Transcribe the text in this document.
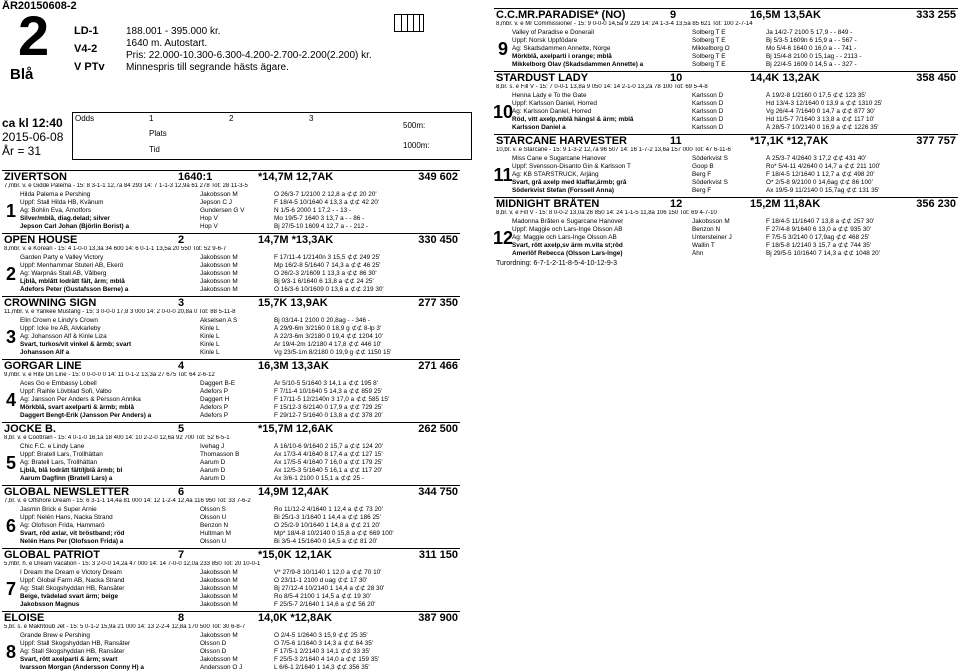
ÅR20150608-2
2
Blå
LD-1
V4-2
V PTv
188.001 - 395.000 kr.
1640 m. Autostart.
Pris: 22.000-10.300-6.300-4.200-2.700-2.200(2.200) kr.
Minnespris till segrande hästs ägare.
ca kl 12:40
2015-06-08
År = 31
Odds	1	2	3
Plats
Tid
500m:
1000m:
ZIVERTSON	1640:1	*14,7M 12,7AK	349 602
7,mbr. v. e Gidde Palema - 15: 8 3-1-1 12,7a 84 293 14: 7 1-1-3 12,9a 61 278 Tot: 28 11-3-5
1
Hilda Palema e Pershing	Jakobsson M	Ö 26/3-7 1/2100 2 12,8 a ⊄⊄ 20 20'
Uppf: Stall Hilda HB, Kvänum	Jepson C J	F 18/4-5 10/1640 4 13,3 a ⊄⊄ 42 20'
Äg: Bohlin Eva, Åmotfors	Gundersen G V	N 1/5-6 2000 1 17,2 - - 13 -
Silver/mblå, diag.delad; silver	Hop V	Mo 19/5-7 1640 3 13,7 a - - 86 -
Jepson Carl Johan (Björlin Borist) a	Hop V	Bj 27/5-10 1609 4 12,7 a - - 212 -
OPEN HOUSE	2	14,7M *13,3AK	330 450
8,mbr. v. e Korean - 15: 4 1-0-0 13,3a 34 600 14: 6 0-1-1 13,5a 20 550 Tot: 52 9-6-7
2
Garden Party e Valley Victory	Jakobsson M	F 17/11-4 1/2140n 3 15,5 ⊄⊄ 249 25'
Uppf: Menhammar Stuteri AB, Ekerö	Jakobsson M	Mp 16/2-8 5/1640 7 14,3 a ⊄⊄ 46 25'
Äg: Warpnäs Stall AB, Vålberg	Jakobsson M	Ö 26/2-3 2/1609 1 13,3 a ⊄⊄ 86 30'
Ljblå, mblått lodrätt fält, ärm; mblå	Jakobsson M	Bj 9/3-1 6/1640 6 13,8 a ⊄⊄ 24 25'
Ådefors Peter (Gustafsson Berne) a	Jakobsson M	Ö 16/3-6 10/1609 0 13,6 a ⊄⊄ 219 30'
CROWNING SIGN	3	15,7K 13,9AK	277 350
11,mbr. v. e Yankee Mustang - 15: 3 0-0-0 17,8 3 000 14: 2 0-0-0 20,8a 0 Tot: 88 5-11-8
3
Elin Crown e Lindy's Crown	Akselsen A S	Bj 03/14-1 2100 0 20,8ag - - 346 -
Uppf: Icke Ire AB, Alvkarleby	Kinle L	Å 29/9-6m 3/2160 0 18,9 g ⊄⊄ 8-lp 3'
Äg: Johansson Alf & Kinle Liza	Kinle L	Å 22/3-6m 3/2180 0 19,4 ⊄⊄ 1204 10'
Svart, turkos/vit vinkel & ärmb; svart	Kinle L	Är 19/4-2m 1/2180 4 17,8 ⊄⊄ 446 10'
Johansson Alf a	Kinle L	Vg 23/5-1m 8/2180 0 19,9 g ⊄⊄ 1150 15'
GORGAR LINE	4	16,3M 13,3AK	271 466
9,mbr. v. e Rite On Line - 15: 0 0-0-0 0 14: 11 0-1-2 13,3a 27 675 Tot: 64 2-6-12
4
Aces Go e Embassy Lobell	Daggert B-E	År 5/10-5 5/1640 3 14,1 a ⊄⊄ 195 8'
Uppf: Raihle Lövblad Sofi, Valbo	Ådefors P	F 7/11-4 10/1640 5 14,3 a ⊄⊄ 859 25'
Äg: Jansson Per Anders & Persson Annika	Daggert H	F 17/11-5 12/2140n 3 17,0 a ⊄⊄ 585 15'
Mörkblå, svart axelparti & ärmb; mblå	Ådefors P	F 15/12-3 6/2140 0 17,9 a ⊄⊄ 729 25'
Daggert Bengt-Erik (Jansson Per Anders) a	Ådefors P	F 29/12-7 5/1640 0 13,8 a ⊄⊄ 378 20'
JOCKE B.	5	*15,7M 12,6AK	262 500
8,br. v. e Coottrain - 15: 4 0-1-0 16,1a 18 400 14: 10 2-2-0 12,6a 92 700 Tot: 52 6-5-1
5
Chic F.C. e Lindy Lane	Ivehag J	Å 16/10-6 9/1640 2 15,7 a ⊄⊄ 124 20'
Uppf: Bratell Lars, Trollhättan	Thomasson B	Ax 17/3-4 4/1640 8 17,4 a ⊄⊄ 127 15'
Äg: Bratell Lars, Trollhättan	Aarum D	Ax 17/5-5 4/1640 7 16,0 a ⊄⊄ 179 25'
Ljblå, blå lodrätt fält/ljblå ärmb; bl	Aarum D	Ax 12/5-3 5/1640 5 16,1 a ⊄⊄ 117 20'
Aarum Dagfinn (Bratell Lars) a	Aarum D	Ax 3/6-1 2100 0 15,1 a ⊄⊄ 25 -
GLOBAL NEWSLETTER	6	14,9M 12,4AK	344 750
7,br. v. e Offshore Dream - 15: 6 3-1-1 14,4a 81 000 14: 12 1-2-4 12,4a 116 950 Tot: 33 7-6-2
6
Jasmin Brick e Super Arnie	Olsson S	Ro 11/12-2 4/1640 1 12,4 a ⊄⊄ 73 20'
Uppf: Nelén Hans, Nacka Strand	Olsson U	Bi 25/1-3 1/1640 1 14,4 a ⊄⊄ 186 25'
Äg: Olofsson Frida, Hammarö	Benzon N	Ö 25/2-9 10/1640 1 14,8 a ⊄⊄ 21 20'
Svart, röd axlar, vit bröstband; röd	Hultman M	Mp* 18/4-8 10/2140 0 15,8 a ⊄⊄ 669 100'
Nelén Hans Per (Olofsson Frida) a	Olsson U	Bi 3/5-4 15/1640 0 14,5 a ⊄⊄ 81 20'
GLOBAL PATRIOT	7	*15,0K 12,1AK	311 150
5,mbr. h. e Dream Vacation - 15: 3 2-0-0 14,2a 47 000 14: 14 7-0-0 12,0a 233 850 Tot: 20 10-0-1
7
I Dream the Dream e Victory Dream	Jakobsson M	V* 27/9-8 10/1140 1 12,0 a ⊄⊄ 70 10'
Uppf: Global Farm AB, Nacka Strand	Jakobsson M	Ö 23/11-1 2100 d uag ⊄⊄ 17 30'
Äg: Stall Skogshyddan HB, Ransäter	Jakobsson M	Bj 27/12-4 10/2140 1 14,4 a ⊄⊄ 28 30'
Beige, tvädelad svart ärm; beige	Jakobsson M	Ro 8/5-4 2100 1 14,5 a ⊄⊄ 19 30'
Jakobsson Magnus	Jakobsson M	F 25/5-7 2/1640 1 14,6 a ⊄⊄ 56 20'
ELOISE	8	14,0K *12,8AK	387 900
5,br. s. e Makhtoub Jet - 15: 5 0-1-2 15,9a 21 000 14: 13 2-2-4 12,8a 170 500 Tot: 30 6-8-7
8
Grande Brew e Pershing	Jakobsson M	Ö 2/4-5 1/2640 3 15,9 ⊄⊄ 25 35'
Uppf: Stall Skogshyddan HB, Ransäter	Olsson D	Ö 7/5-6 1/1640 3 14,3 a ⊄⊄ 64 35'
Äg: Stall Skogshyddan HB, Ransäter	Olsson D	F 17/5-1 2/2140 3 14,1 ⊄⊄ 33 35'
Svart, rött axelparti & ärm; svart	Jakobsson M	F 25/5-3 2/1640 4 14,0 a ⊄⊄ 159 35'
Ivarsson Morgan (Andersson Conny H) a	Andersson O J	L 6/6-1 2/1640 1 14,3 ⊄⊄ 356 35'
C.C.MR.PARADISE* (NO)	9	16,5M 13,5AK	333 255
8,mbr. v. e Mr Commissioner - 15: 9 0-0-0 14,5a 9 229 14: 24 1-3-4 13,5a 85 621 Tot: 100 2-7-14
9
Valley of Paradise e Donerail	Solberg T E	Ja 14/2-7 2100 5 17,9 - - 849 -
Uppf: Norsk Uppfödare	Solberg T E	Bj 5/3-5 1609n 6 15,9 a - - 567 -
Äg: Skadsdammen Annette, Norge	Mikkelborg O	Mo 5/4-6 1640 0 16,0 a - - 741 -
Mörkblå, axelparti i orange; mblå	Solberg T E	Bj 15/4-8 2100 0 15,1ag - - 2113 -
Mikkelborg Olav (Skadsdammen Annette) a	Solberg T E	Bj 22/4-5 1609 0 14,5 a - - 327 -
STARDUST LADY	10	14,4K 13,2AK	358 450
8,br. s. e Fill V - 15: 7 0-0-1 13,8a 9 050 14: 14 2-1-0 13,2a 78 100 Tot: 69 5-4-8
10
Henna Lady e To the Gate	Karlsson D	Å 19/2-8 1/2160 0 17,5 ⊄⊄ 123 35'
Uppf: Karlsson Daniel, Horred	Karlsson D	Hd 13/4-3 12/1640 0 13,9 a ⊄⊄ 1310 25'
Äg: Karlsson Daniel, Horred	Karlsson D	Vg 26/4-4 7/1640 0 14,7 a ⊄⊄ 877 30'
Röd, vitt axelp,mblå hängsl & ärm; mblå	Karlsson D	Hd 11/5-7 7/1640 3 13,8 a ⊄⊄ 117 10'
Karlsson Daniel a	Karlsson D	Å 28/5-7 10/2140 0 16,9 a ⊄⊄ 1226 35'
STARCANE HARVESTER	11	*17,1K *12,7AK	377 757
10,br. v. e Starcane - 15: 9 1-3-2 12,7a 96 507 14: 16 1-7-2 13,6a 157 000 Tot: 47 6-11-6
11
Miss Cane e Sugarcane Hanover	Söderkvist S	Å 25/3-7 4/2640 3 17,2 ⊄⊄ 431 40'
Uppf: Svensson-Disanto Gin & Karlsson T	Goop B	Ro* 5/4-11 4/2640 0 14,7 a ⊄⊄ 211 100'
Äg: KB STARSTRUCK, Ärjäng	Berg F	F 18/4-5 12/1640 1 12,7 a ⊄⊄ 498 20'
Svart, grå axelp med klaffar,ärmb; grå	Söderkvist S	Ö* 2/5-8 9/2100 0 14,6ag ⊄⊄ 86 100'
Söderkvist Stefan (Forssell Anna)	Berg F	Ax 19/5-9 11/2140 0 15,7ag ⊄⊄ 131 35'
MIDNIGHT BRÅTEN	12	15,2M 11,8AK	356 230
8,br. v. e Fill V - 15: 8 0-0-2 13,0a 26 850 14: 24 1-1-5 11,8a 106 150 Tot: 69 4-7-10
12
Madonna Bråten e Sugarcane Hanover	Jakobsson M	F 18/4-5 11/1640 7 13,8 a ⊄⊄ 257 30'
Uppf: Maggie och Lars-Inge Olsson AB	Benzon N	F 27/4-8 9/1640 6 13,0 a ⊄⊄ 935 30'
Äg: Maggie och Lars-Inge Olsson AB	Untersteiner J	F 7/5-5 3/2140 0 17,9ag ⊄⊄ 468 25'
Svart, rött axelp,sv ärm m.vita st;röd	Wallin T	F 18/5-8 1/2140 3 15,7 a ⊄⊄ 744 35'
Amerlöf Rebecca (Olsson Lars-Inge)	Åhn	Bj 29/5-5 10/1640 7 14,3 a ⊄⊄ 1048 20'
Turordning: 6-7-1-2-11-8-5-4-10-12-9-3
